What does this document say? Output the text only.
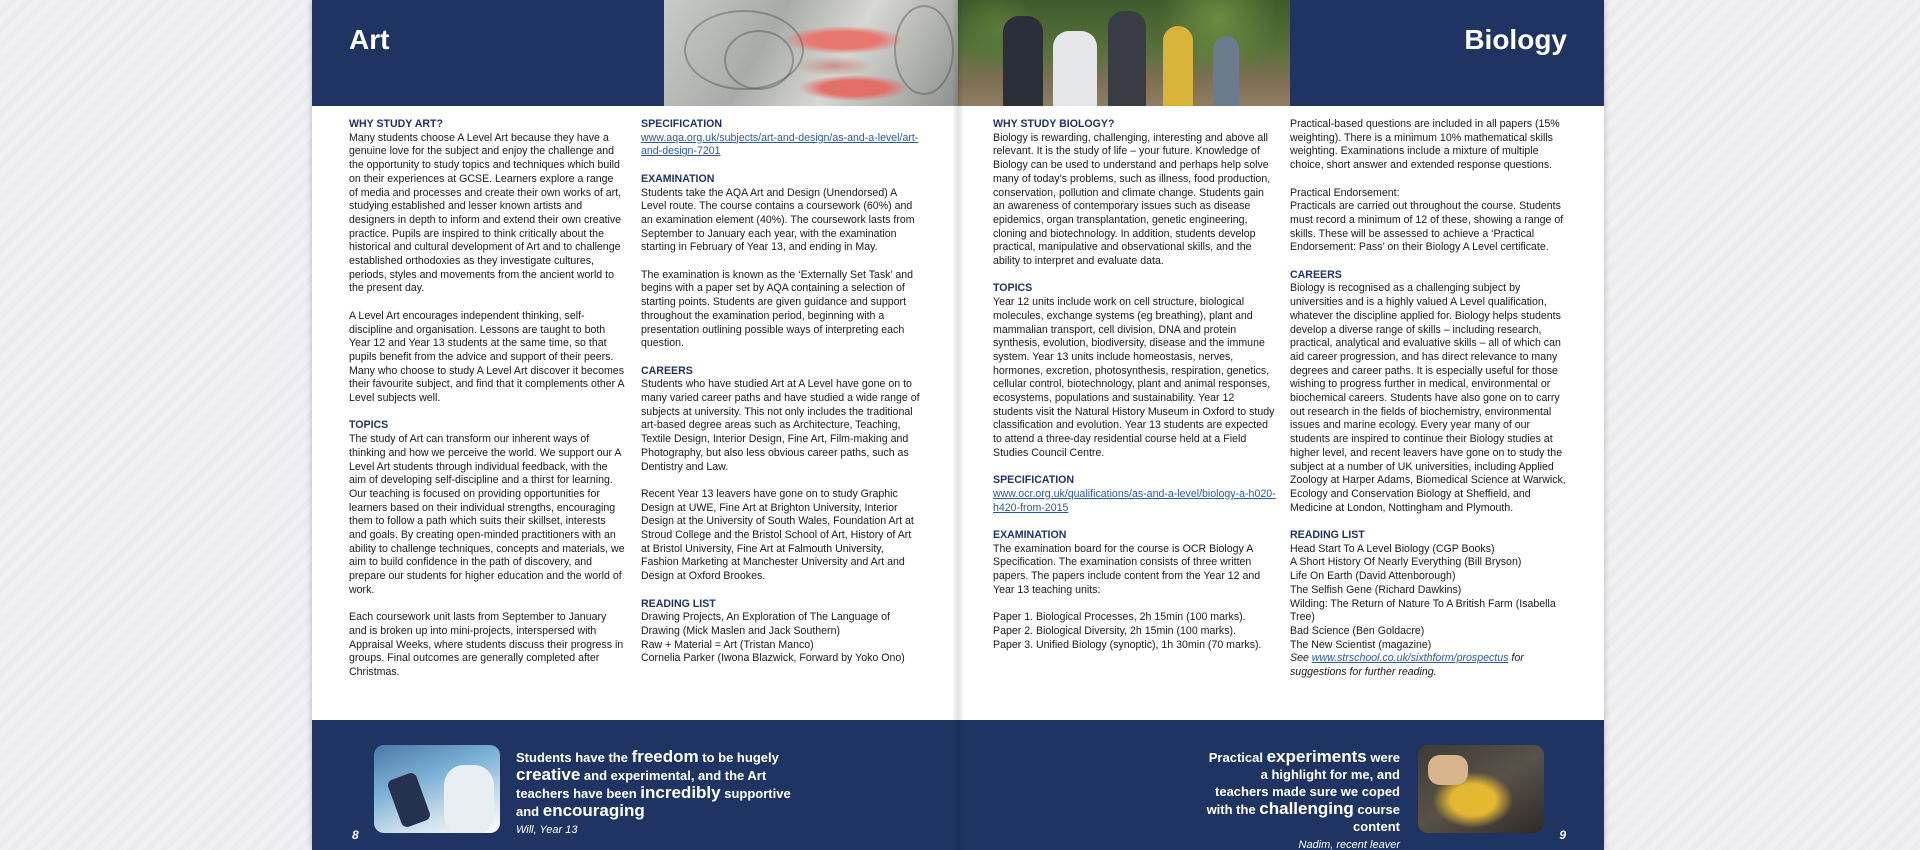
Art
WHY STUDY ART?

Many students choose A Level Art because they have a genuine love for the subject and enjoy the challenge and the opportunity to study topics and techniques which build on their experiences at GCSE. Learners explore a range of media and processes and create their own works of art, studying established and lesser known artists and designers in depth to inform and extend their own creative practice. Pupils are inspired to think critically about the historical and cultural development of Art and to challenge established orthodoxies as they investigate cultures, periods, styles and movements from the ancient world to the present day.

A Level Art encourages independent thinking, self-discipline and organisation. Lessons are taught to both Year 12 and Year 13 students at the same time, so that pupils benefit from the advice and support of their peers. Many who choose to study A Level Art discover it becomes their favourite subject, and find that it complements other A Level subjects well.

TOPICS

The study of Art can transform our inherent ways of thinking and how we perceive the world. We support our A Level Art students through individual feedback, with the aim of developing self-discipline and a thirst for learning. Our teaching is focused on providing opportunities for learners based on their individual strengths, encouraging them to follow a path which suits their skillset, interests and goals. By creating open-minded practitioners with an ability to challenge techniques, concepts and materials, we aim to build confidence in the path of discovery, and prepare our students for higher education and the world of work.

Each coursework unit lasts from September to January and is broken up into mini-projects, interspersed with Appraisal Weeks, where students discuss their progress in groups. Final outcomes are generally completed after Christmas.

SPECIFICATION

www.aqa.org.uk/subjects/art-and-design/as-and-a-level/art-and-design-7201

EXAMINATION

Students take the AQA Art and Design (Unendorsed) A Level route. The course contains a coursework (60%) and an examination element (40%). The coursework lasts from September to January each year, with the examination starting in February of Year 13, and ending in May.

The examination is known as the ‘Externally Set Task’ and begins with a paper set by AQA containing a selection of starting points. Students are given guidance and support throughout the examination period, beginning with a presentation outlining possible ways of interpreting each question.

CAREERS

Students who have studied Art at A Level have gone on to many varied career paths and have studied a wide range of subjects at university. This not only includes the traditional art-based degree areas such as Architecture, Teaching, Textile Design, Interior Design, Fine Art, Film-making and Photography, but also less obvious career paths, such as Dentistry and Law.

Recent Year 13 leavers have gone on to study Graphic Design at UWE, Fine Art at Brighton University, Interior Design at the University of South Wales, Foundation Art at Stroud College and the Bristol School of Art, History of Art at Bristol University, Fine Art at Falmouth University, Fashion Marketing at Manchester University and Art and Design at Oxford Brookes.

READING LIST
Drawing Projects, An Exploration of The Language of Drawing (Mick Maslen and Jack Southern)
Raw + Material = Art (Tristan Manco)
Cornelia Parker (Iwona Blazwick, Forward by Yoko Ono)
Students have the freedom to be hugely creative and experimental, and the Art teachers have been incredibly supportive and encouraging
Will, Year 13
8
Biology
WHY STUDY BIOLOGY?

Biology is rewarding, challenging, interesting and above all relevant. It is the study of life – your future. Knowledge of Biology can be used to understand and perhaps help solve many of today’s problems, such as illness, food production, conservation, pollution and climate change. Students gain an awareness of contemporary issues such as disease epidemics, organ transplantation, genetic engineering, cloning and biotechnology. In addition, students develop practical, manipulative and observational skills, and the ability to interpret and evaluate data.

TOPICS

Year 12 units include work on cell structure, biological molecules, exchange systems (eg breathing), plant and mammalian transport, cell division, DNA and protein synthesis, evolution, biodiversity, disease and the immune system. Year 13 units include homeostasis, nerves, hormones, excretion, photosynthesis, respiration, genetics, cellular control, biotechnology, plant and animal responses, ecosystems, populations and sustainability. Year 12 students visit the Natural History Museum in Oxford to study classification and evolution. Year 13 students are expected to attend a three-day residential course held at a Field Studies Council Centre.

SPECIFICATION

www.ocr.org.uk/qualifications/as-and-a-level/biology-a-h020-h420-from-2015

EXAMINATION

The examination board for the course is OCR Biology A Specification. The examination consists of three written papers. The papers include content from the Year 12 and Year 13 teaching units:

Paper 1. Biological Processes, 2h 15min (100 marks).
Paper 2. Biological Diversity, 2h 15min (100 marks).
Paper 3. Unified Biology (synoptic), 1h 30min (70 marks).

Practical-based questions are included in all papers (15% weighting). There is a minimum 10% mathematical skills weighting. Examinations include a mixture of multiple choice, short answer and extended response questions.

Practical Endorsement:

Practicals are carried out throughout the course. Students must record a minimum of 12 of these, showing a range of skills. These will be assessed to achieve a ‘Practical Endorsement: Pass’ on their Biology A Level certificate.

CAREERS

Biology is recognised as a challenging subject by universities and is a highly valued A Level qualification, whatever the discipline applied for. Biology helps students develop a diverse range of skills – including research, practical, analytical and evaluative skills – all of which can aid career progression, and has direct relevance to many degrees and career paths. It is especially useful for those wishing to progress further in medical, environmental or biochemical careers. Students have also gone on to carry out research in the fields of biochemistry, environmental issues and marine ecology. Every year many of our students are inspired to continue their Biology studies at higher level, and recent leavers have gone on to study the subject at a number of UK universities, including Applied Zoology at Harper Adams, Biomedical Science at Warwick, Ecology and Conservation Biology at Sheffield, and Medicine at London, Nottingham and Plymouth.

READING LIST
Head Start To A Level Biology (CGP Books)
A Short History Of Nearly Everything (Bill Bryson)
Life On Earth (David Attenborough)
The Selfish Gene (Richard Dawkins)
Wilding: The Return of Nature To A British Farm (Isabella Tree)
Bad Science (Ben Goldacre)
The New Scientist (magazine)
See www.strschool.co.uk/sixthform/prospectus for suggestions for further reading.
Practical experiments were a highlight for me, and teachers made sure we coped with the challenging course content
Nadim, recent leaver
9
